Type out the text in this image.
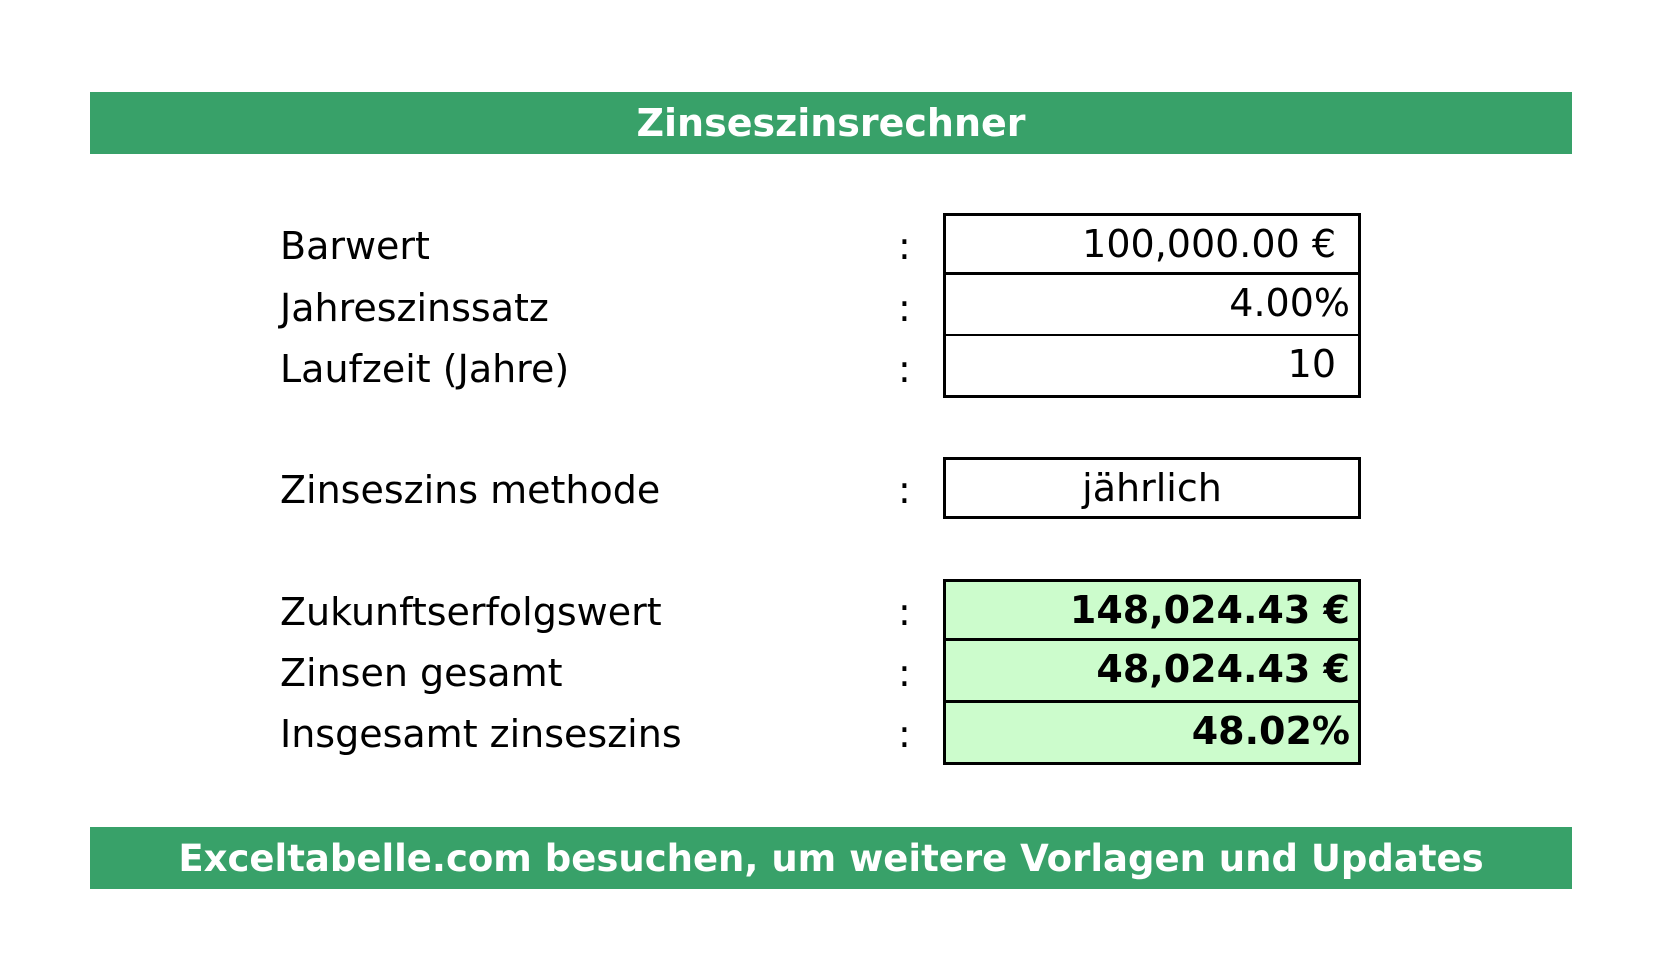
Zinseszinsrechner
Barwert	:	100,000.00 €
Jahreszinssatz	:	4.00%
Laufzeit (Jahre)	:	10
Zinseszins methode	:	jährlich
Zukunftserfolgswert	:	148,024.43 €
Zinsen gesamt	:	48,024.43 €
Insgesamt zinseszins	:	48.02%
Exceltabelle.com besuchen, um weitere Vorlagen und Updates
